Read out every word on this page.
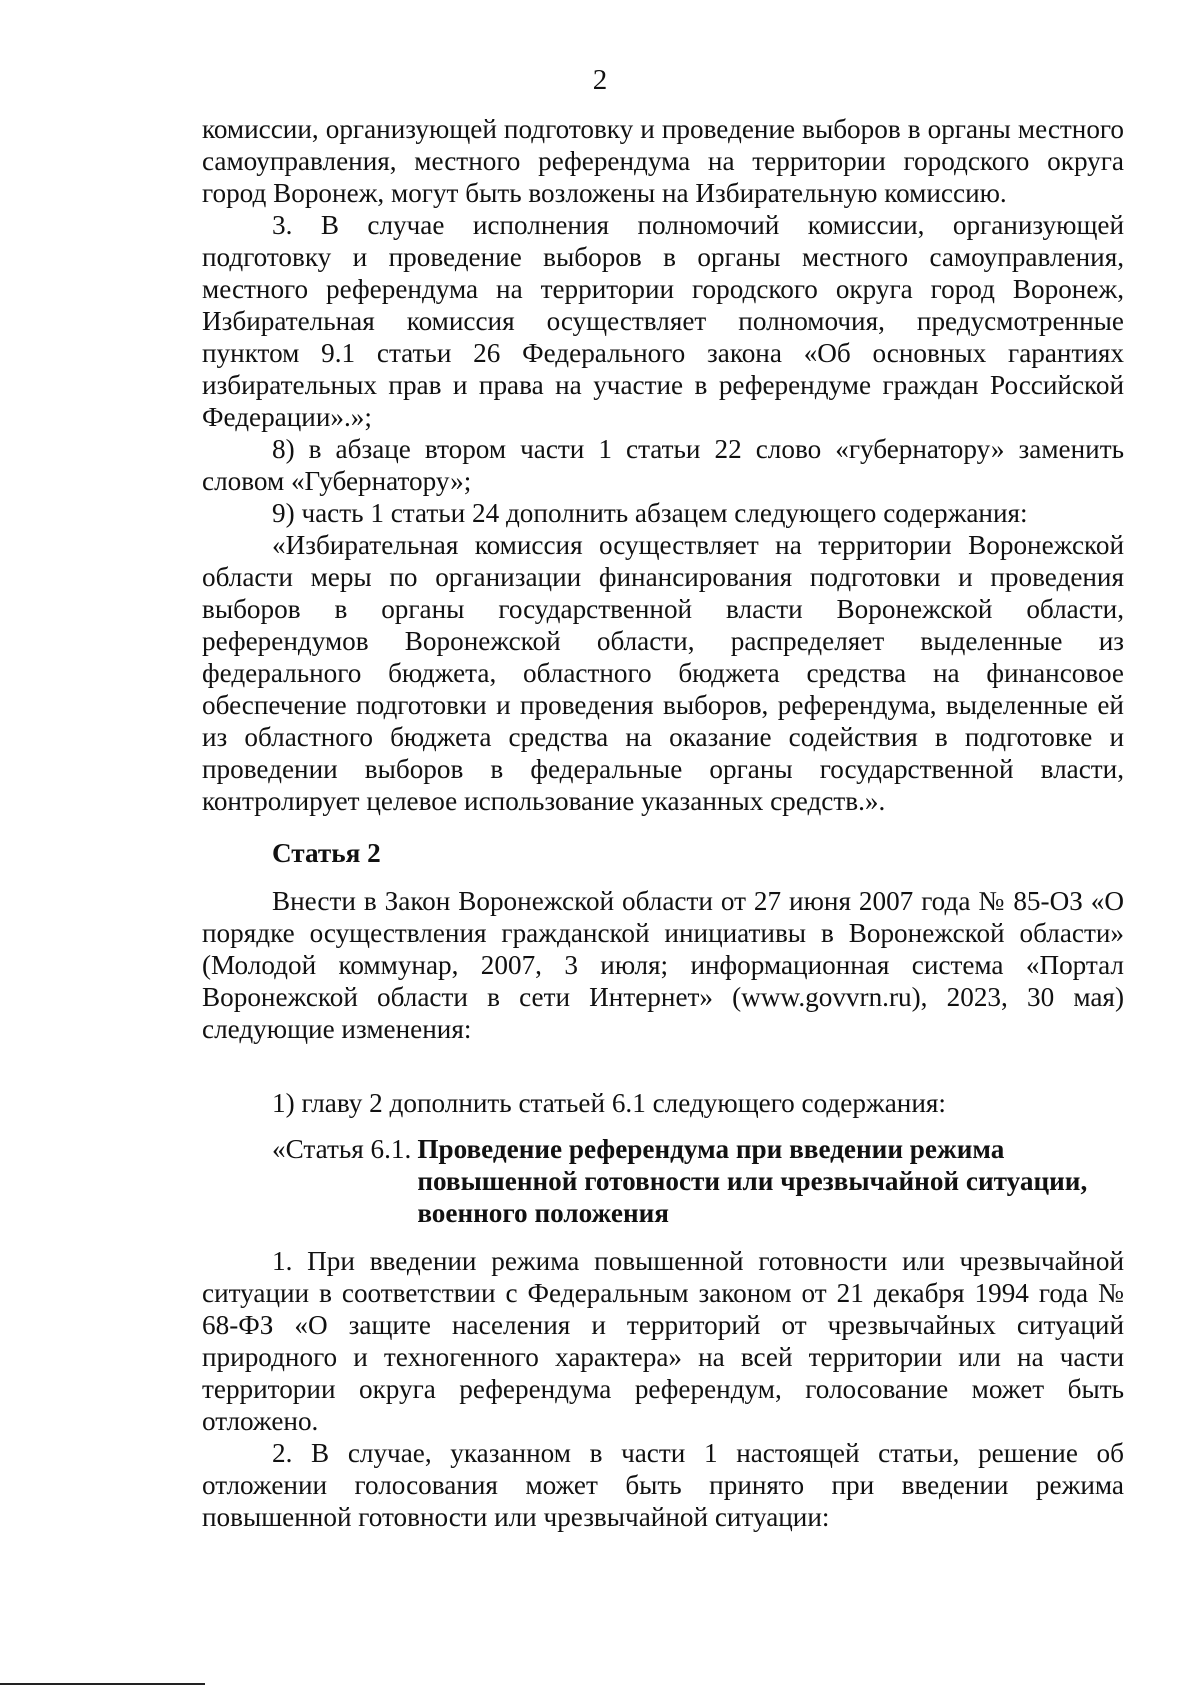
2

комиссии, организующей подготовку и проведение выборов в органы местного самоуправления, местного референдума на территории городского округа город Воронеж, могут быть возложены на Избирательную комиссию.

3. В случае исполнения полномочий комиссии, организующей подготовку и проведение выборов в органы местного самоуправления, местного референдума на территории городского округа город Воронеж, Избирательная комиссия осуществляет полномочия, предусмотренные пунктом 9.1 статьи 26 Федерального закона «Об основных гарантиях избирательных прав и права на участие в референдуме граждан Российской Федерации».»;

8) в абзаце втором части 1 статьи 22 слово «губернатору» заменить словом «Губернатору»;

9) часть 1 статьи 24 дополнить абзацем следующего содержания:

«Избирательная комиссия осуществляет на территории Воронежской области меры по организации финансирования подготовки и проведения выборов в органы государственной власти Воронежской области, референдумов Воронежской области, распределяет выделенные из федерального бюджета, областного бюджета средства на финансовое обеспечение подготовки и проведения выборов, референдума, выделенные ей из областного бюджета средства на оказание содействия в подготовке и проведении выборов в федеральные органы государственной власти, контролирует целевое использование указанных средств.».

Статья 2

Внести в Закон Воронежской области от 27 июня 2007 года № 85-ОЗ «О порядке осуществления гражданской инициативы в Воронежской области» (Молодой коммунар, 2007, 3 июля; информационная система «Портал Воронежской области в сети Интернет» (www.govvrn.ru), 2023, 30 мая) следующие изменения:

1) главу 2 дополнить статьей 6.1 следующего содержания:

«Статья 6.1. Проведение референдума при введении режима повышенной готовности или чрезвычайной ситуации, военного положения

1. При введении режима повышенной готовности или чрезвычайной ситуации в соответствии с Федеральным законом от 21 декабря 1994 года № 68-ФЗ «О защите населения и территорий от чрезвычайных ситуаций природного и техногенного характера» на всей территории или на части территории округа референдума референдум, голосование может быть отложено.

2. В случае, указанном в части 1 настоящей статьи, решение об отложении голосования может быть принято при введении режима повышенной готовности или чрезвычайной ситуации:
